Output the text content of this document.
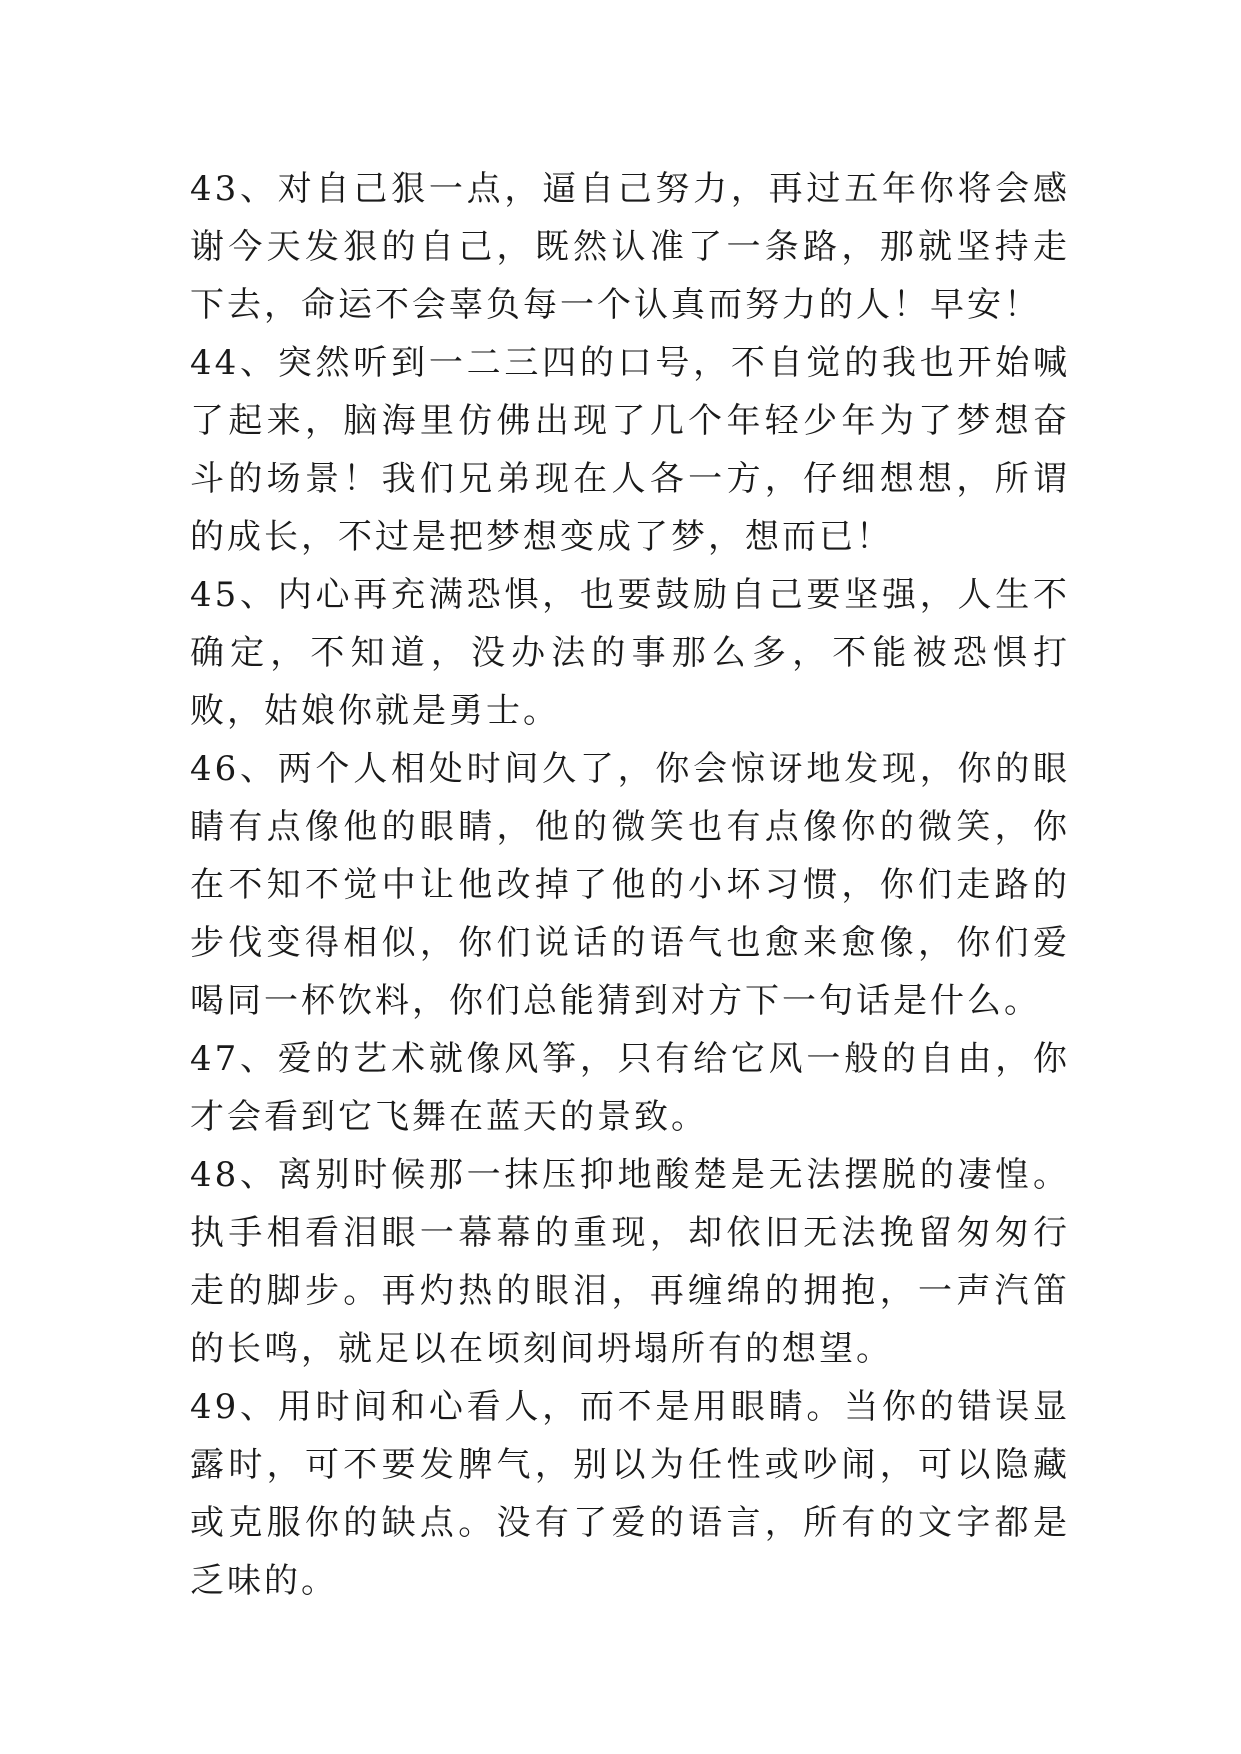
43、对自己狠一点，逼自己努力，再过五年你将会感谢今天发狠的自己，既然认准了一条路，那就坚持走下去，命运不会辜负每一个认真而努力的人！早安！

44、突然听到一二三四的口号，不自觉的我也开始喊了起来，脑海里仿佛出现了几个年轻少年为了梦想奋斗的场景！我们兄弟现在人各一方，仔细想想，所谓的成长，不过是把梦想变成了梦，想而已！

45、内心再充满恐惧，也要鼓励自己要坚强，人生不确定，不知道，没办法的事那么多，不能被恐惧打败，姑娘你就是勇士。

46、两个人相处时间久了，你会惊讶地发现，你的眼睛有点像他的眼睛，他的微笑也有点像你的微笑，你在不知不觉中让他改掉了他的小坏习惯，你们走路的步伐变得相似，你们说话的语气也愈来愈像，你们爱喝同一杯饮料，你们总能猜到对方下一句话是什么。

47、爱的艺术就像风筝，只有给它风一般的自由，你才会看到它飞舞在蓝天的景致。

48、离别时候那一抹压抑地酸楚是无法摆脱的凄惶。执手相看泪眼一幕幕的重现，却依旧无法挽留匆匆行走的脚步。再灼热的眼泪，再缠绵的拥抱，一声汽笛的长鸣，就足以在顷刻间坍塌所有的想望。

49、用时间和心看人，而不是用眼睛。当你的错误显露时，可不要发脾气，别以为任性或吵闹，可以隐藏或克服你的缺点。没有了爱的语言，所有的文字都是乏味的。
